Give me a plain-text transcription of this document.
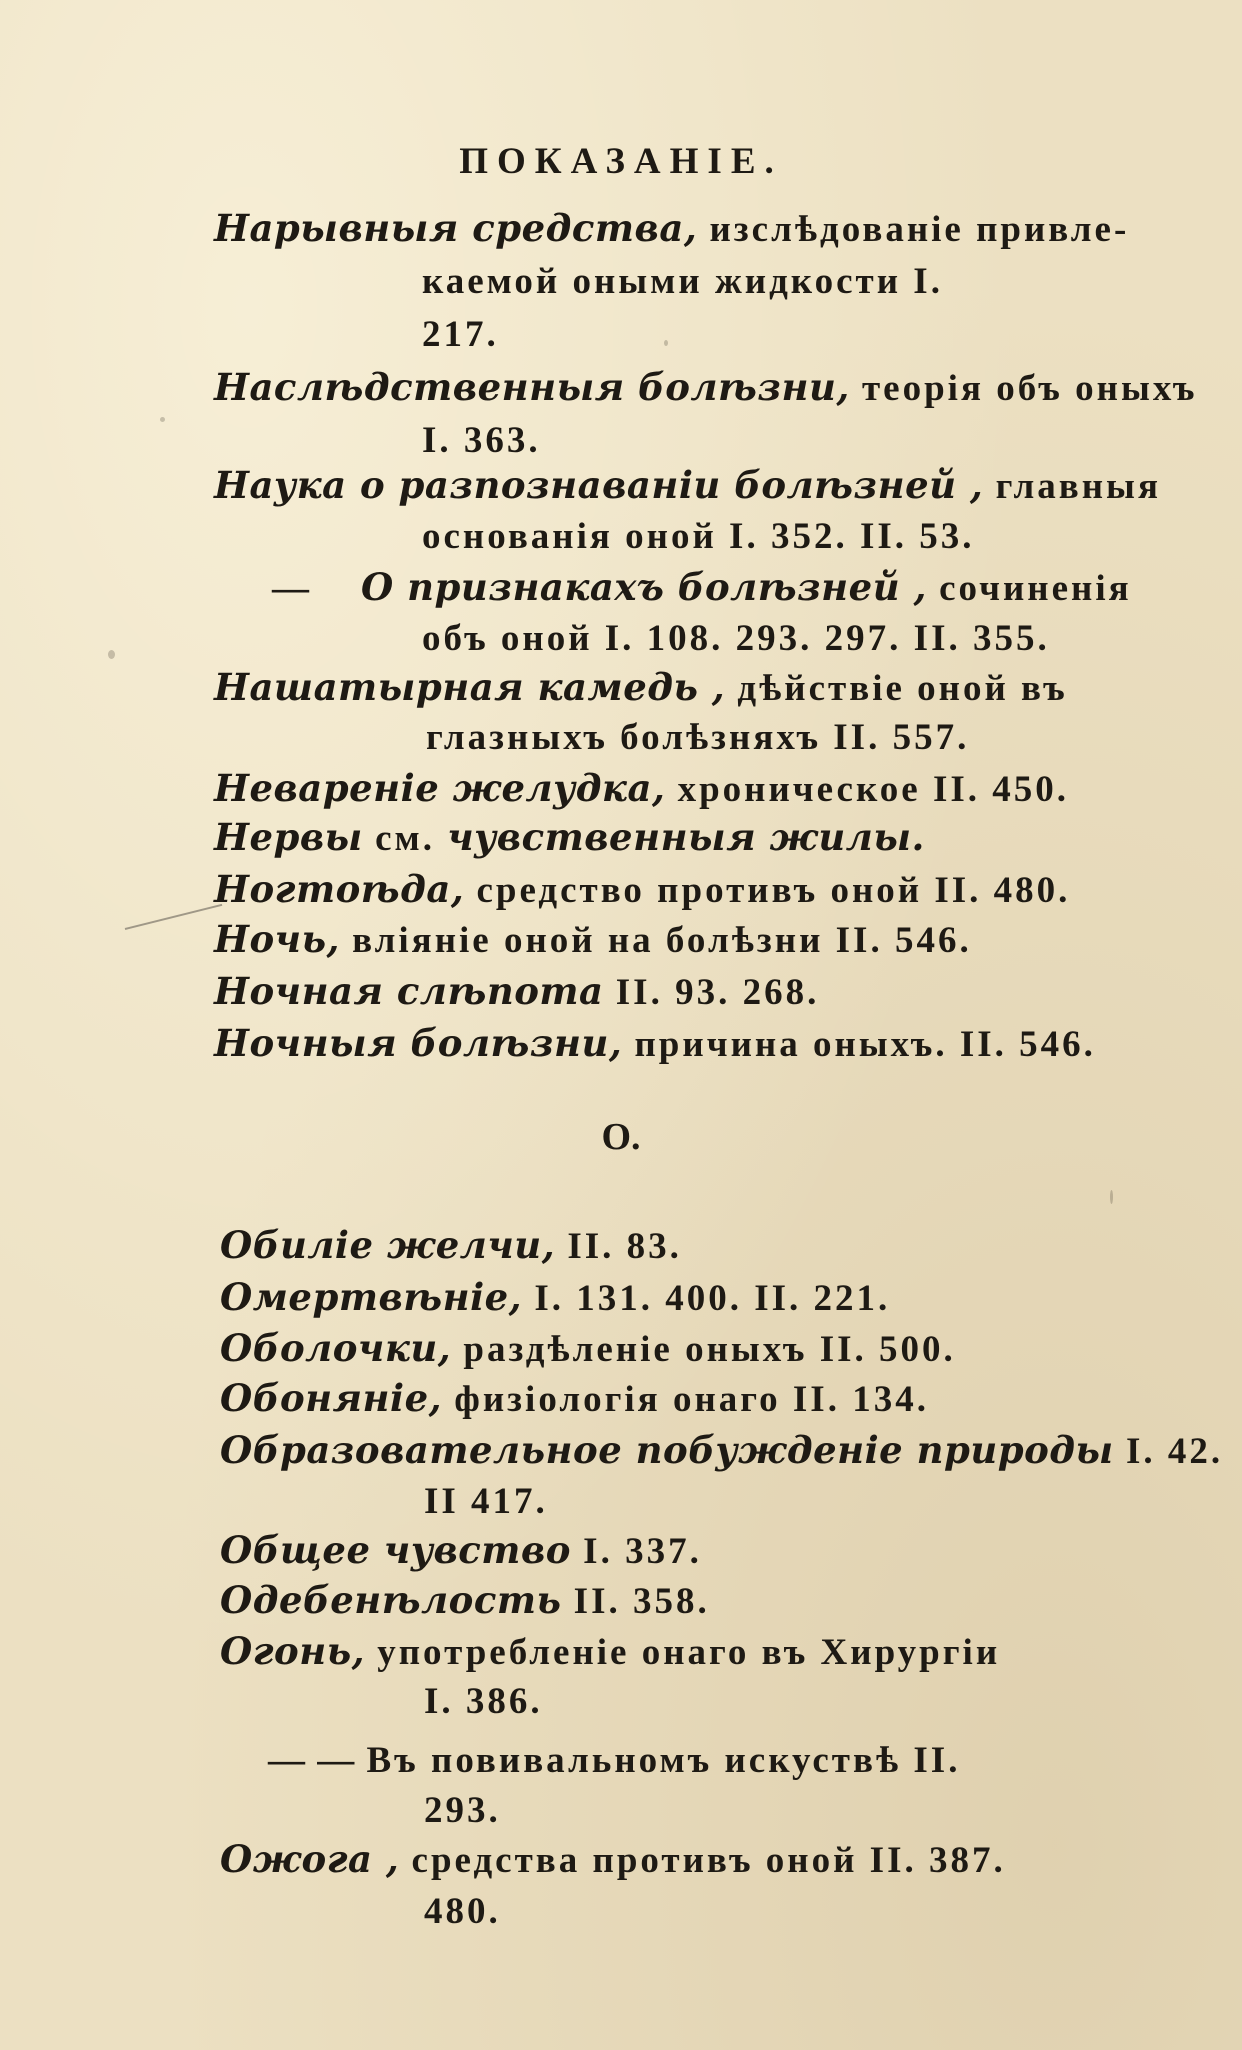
ПОКАЗАНІЕ.
Нарывныя средства, изслѣдованіе привле-
каемой оными жидкости I.
217.
Наслѣдственныя болѣзни, теорія объ оныхъ
I. 363.
Наука о разпознаваніи болѣзней , главныя
основанія оной I. 352. II. 53.
—    О признакахъ болѣзней , сочиненія
объ оной I. 108. 293. 297. II. 355.
Нашатырная камедь , дѣйствіе оной въ
глазныхъ болѣзняхъ II. 557.
Неваренiе желудка, хроническое II. 450.
Нервы см. чувственныя жилы.
Ногтоѣда, средство противъ оной II. 480.
Ночь, вліяніе оной на болѣзни II. 546.
Ночная слѣпота II. 93. 268.
Ночныя болѣзни, причина оныхъ. II. 546.
О.
Обиліе желчи, II. 83.
Омертвѣніе, I. 131. 400. II. 221.
Оболочки, раздѣленіе оныхъ II. 500.
Обонянiе, физіологія онаго II. 134.
Образовательное побужденіе природы I. 42.
II 417.
Общее чувство I. 337.
Одебенѣлость II. 358.
Огонь, употребленіе онаго въ Хирургіи
I. 386.
— — Въ повивальномъ искуствѣ II.
293.
Ожога , средства противъ оной II. 387.
480.
